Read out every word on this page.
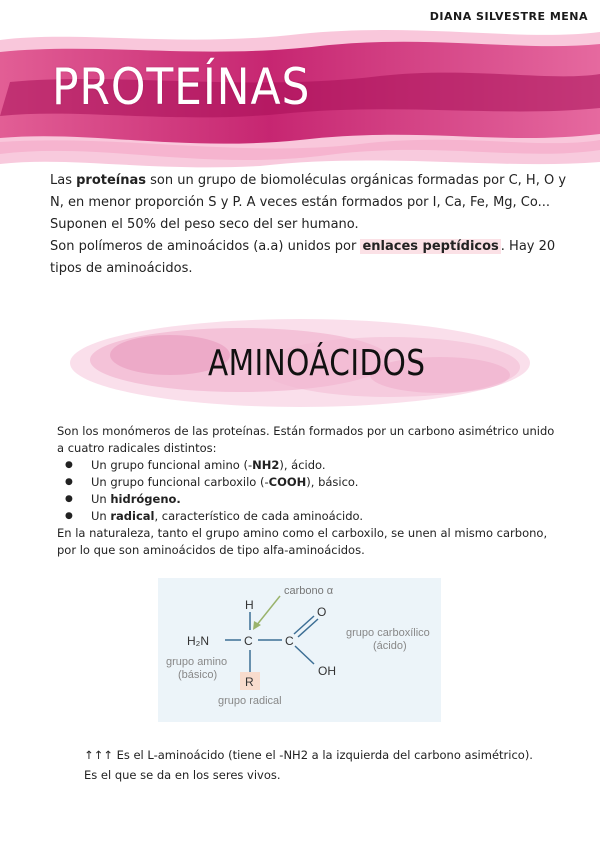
DIANA SILVESTRE MENA
PROTEÍNAS

Las proteínas son un grupo de biomoléculas orgánicas formadas por C, H, O y N, en menor proporción S y P. A veces están formados por I, Ca, Fe, Mg, Co...

Suponen el 50% del peso seco del ser humano.

Son polímeros de aminoácidos (a.a) unidos por enlaces peptídicos . Hay 20 tipos de aminoácidos.

AMINOÁCIDOS

Son los monómeros de las proteínas. Están formados por un carbono asimétrico unido a cuatro radicales distintos:

● Un grupo funcional amino (-NH2), ácido.
● Un grupo funcional carboxilo (-COOH), básico.
● Un hidrógeno.
● Un radical, característico de cada aminoácido.

En la naturaleza, tanto el grupo amino como el carboxilo, se unen al mismo carbono, por lo que son aminoácidos de tipo alfa-aminoácidos.

carbono α
H
H₂N	C	C
O
OH
R
grupo amino
(básico)
grupo carboxílico
(ácido)
grupo radical

↑↑↑ Es el L-aminoácido (tiene el -NH2 a la izquierda del carbono asimétrico).

Es el que se da en los seres vivos.
